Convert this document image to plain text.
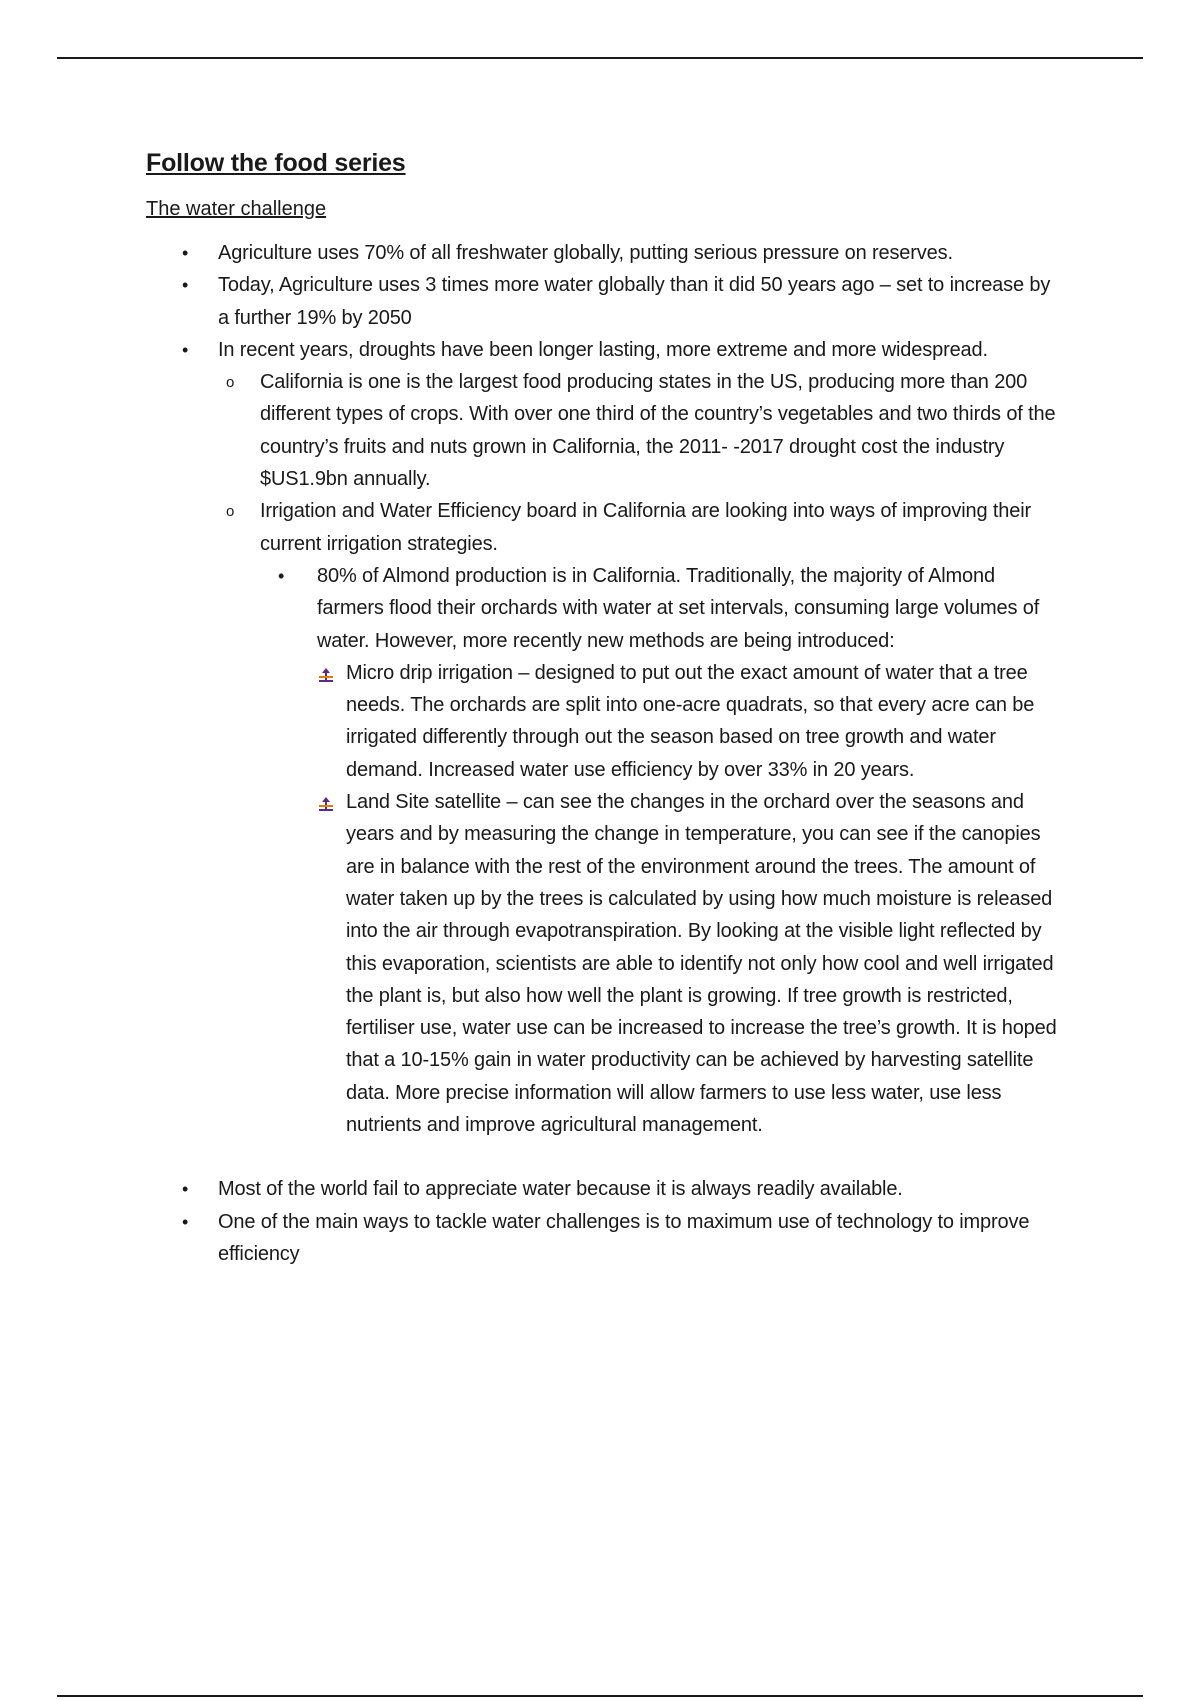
Follow the food series

The water challenge

• Agriculture uses 70% of all freshwater globally, putting serious pressure on reserves.
• Today, Agriculture uses 3 times more water globally than it did 50 years ago – set to increase by a further 19% by 2050
• In recent years, droughts have been longer lasting, more extreme and more widespread.
o California is one is the largest food producing states in the US, producing more than 200 different types of crops. With over one third of the country’s vegetables and two thirds of the country’s fruits and nuts grown in California, the 2011- -2017 drought cost the industry $US1.9bn annually.
o Irrigation and Water Efficiency board in California are looking into ways of improving their current irrigation strategies.
• 80% of Almond production is in California. Traditionally, the majority of Almond farmers flood their orchards with water at set intervals, consuming large volumes of water. However, more recently new methods are being introduced:
Micro drip irrigation – designed to put out the exact amount of water that a tree needs. The orchards are split into one-acre quadrats, so that every acre can be irrigated differently through out the season based on tree growth and water demand. Increased water use efficiency by over 33% in 20 years.
Land Site satellite – can see the changes in the orchard over the seasons and years and by measuring the change in temperature, you can see if the canopies are in balance with the rest of the environment around the trees. The amount of water taken up by the trees is calculated by using how much moisture is released into the air through evapotranspiration. By looking at the visible light reflected by this evaporation, scientists are able to identify not only how cool and well irrigated the plant is, but also how well the plant is growing. If tree growth is restricted, fertiliser use, water use can be increased to increase the tree’s growth. It is hoped that a 10-15% gain in water productivity can be achieved by harvesting satellite data. More precise information will allow farmers to use less water, use less nutrients and improve agricultural management.
• Most of the world fail to appreciate water because it is always readily available.
• One of the main ways to tackle water challenges is to maximum use of technology to improve efficiency
